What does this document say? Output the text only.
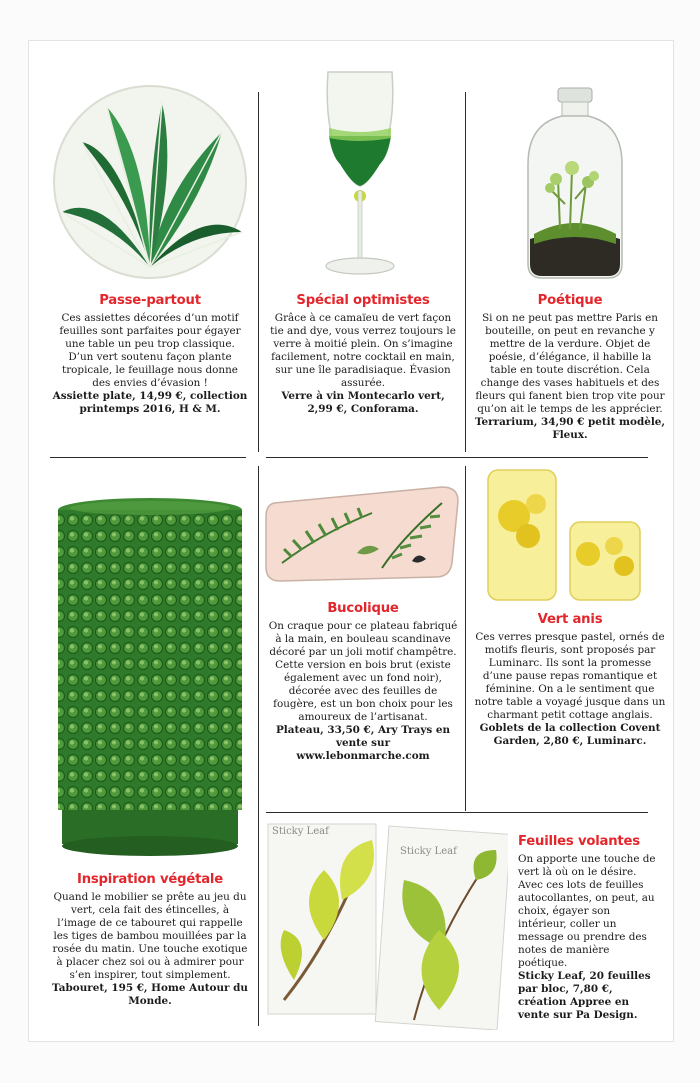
Sticky Leaf
Sticky Leaf
Passe-partout

Ces assiettes décorées d’un motif feuilles sont parfaites pour égayer une table un peu trop classique. D’un vert soutenu façon plante tropicale, le feuillage nous donne des envies d’évasion !

Assiette plate, 14,99 €, collection printemps 2016, H & M.

Spécial optimistes

Grâce à ce camaïeu de vert façon tie and dye, vous verrez toujours le verre à moitié plein. On s’imagine facilement, notre cocktail en main, sur une île paradisiaque. Évasion assurée.

Verre à vin Montecarlo vert, 2,99 €, Conforama.

Poétique

Si on ne peut pas mettre Paris en bouteille, on peut en revanche y mettre de la verdure. Objet de poésie, d’élégance, il habille la table en toute discrétion. Cela change des vases habituels et des fleurs qui fanent bien trop vite pour qu’on ait le temps de les apprécier.

Terrarium, 34,90 € petit modèle, Fleux.

Bucolique

On craque pour ce plateau fabriqué à la main, en bouleau scandinave décoré par un joli motif champêtre. Cette version en bois brut (existe également avec un fond noir), décorée avec des feuilles de fougère, est un bon choix pour les amoureux de l’artisanat.

Plateau, 33,50 €, Ary Trays en vente sur www.lebonmarche.com

Vert anis

Ces verres presque pastel, ornés de motifs fleuris, sont proposés par Luminarc. Ils sont la promesse d’une pause repas romantique et féminine. On a le sentiment que notre table a voyagé jusque dans un charmant petit cottage anglais.

Goblets de la collection Covent Garden, 2,80 €, Luminarc.

Inspiration végétale

Quand le mobilier se prête au jeu du vert, cela fait des étincelles, à l’image de ce tabouret qui rappelle les tiges de bambou mouillées par la rosée du matin. Une touche exotique à placer chez soi ou à admirer pour s’en inspirer, tout simplement.

Tabouret, 195 €, Home Autour du Monde.

Feuilles volantes

On apporte une touche de vert là où on le désire. Avec ces lots de feuilles autocollantes, on peut, au choix, égayer son intérieur, coller un message ou prendre des notes de manière poétique.

Sticky Leaf, 20 feuilles par bloc, 7,80 €, création Appree en vente sur Pa Design.
